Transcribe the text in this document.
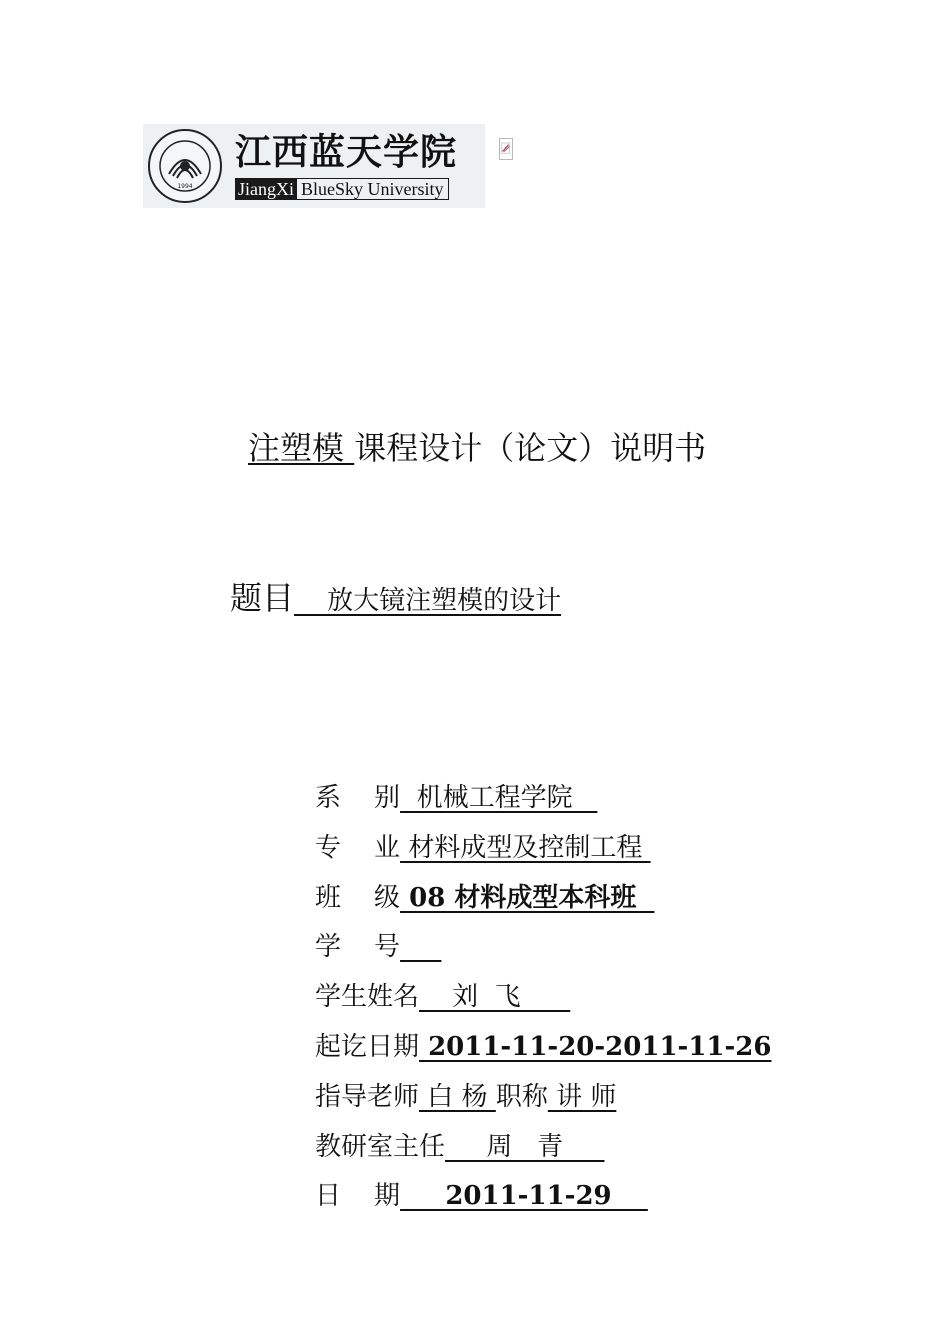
1994
江西蓝天学院
JiangXi BlueSky University
注塑模 课程设计（论文）说明书
题目    放大镜注塑模的设计
系    别  机械工程学院
专    业 材料成型及控制工程
班    级 08 材料成型本科班
学    号
学生姓名    刘  飞
起讫日期 2011-11-20-2011-11-26
指导老师 白 杨 职称 讲 师
教研室主任     周   青
日    期     2011-11-29
